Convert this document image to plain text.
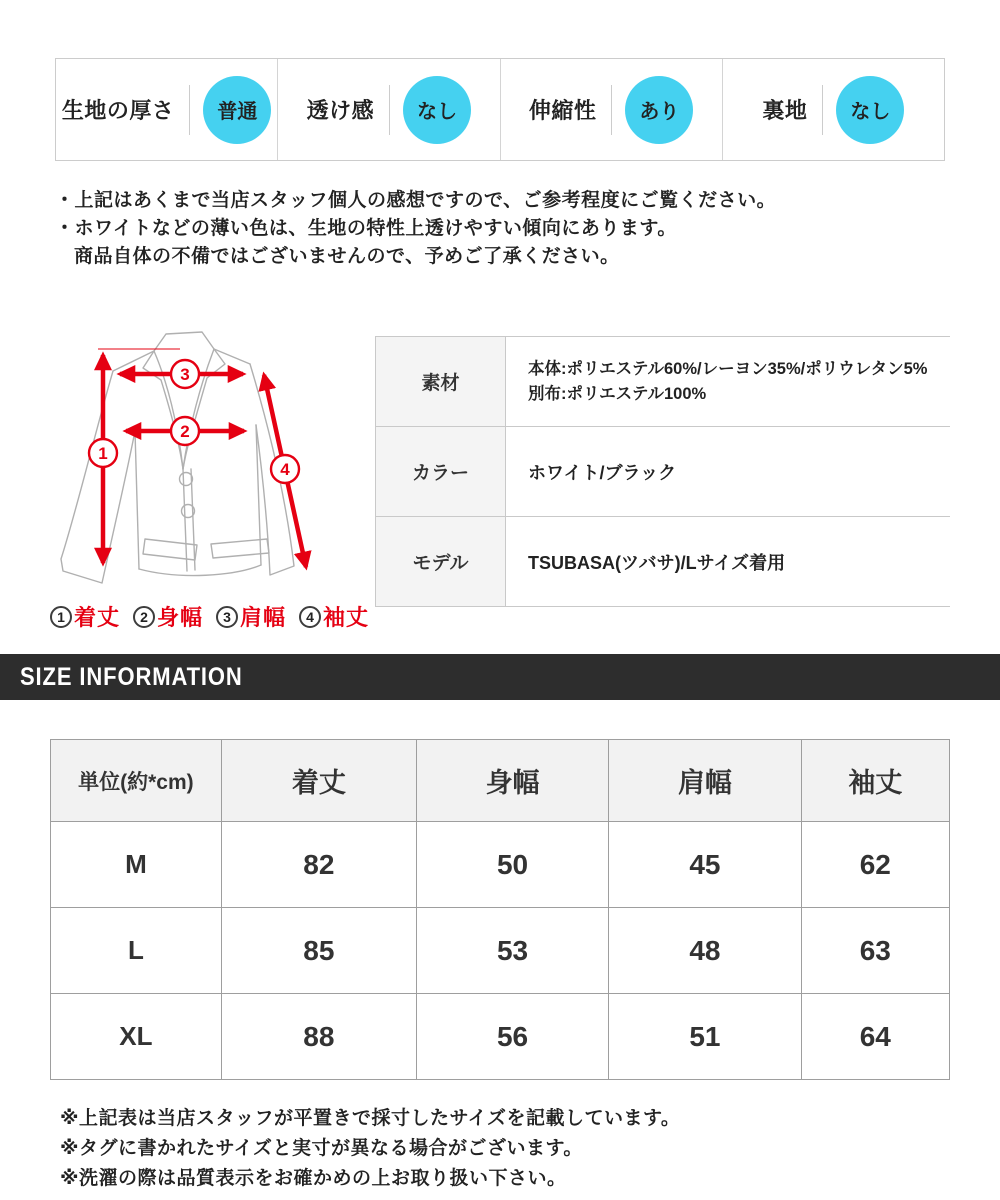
生地の厚さ	普通	透け感	なし	伸縮性	あり	裏地	なし
・上記はあくまで当店スタッフ個人の感想ですので、ご参考程度にご覧ください。
・ホワイトなどの薄い色は、生地の特性上透けやすい傾向にあります。
商品自体の不備ではございませんので、予めご了承ください。
1
3
2
4
1 着丈	2 身幅	3 肩幅	4 袖丈
素材	本体:ポリエステル60%/レーヨン35%/ポリウレタン5%
別布:ポリエステル100%

カラー	ホワイト/ブラック

モデル	TSUBASA(ツバサ)/Lサイズ着用
SIZE INFORMATION
単位(約*cm)	着丈	身幅	肩幅	袖丈
M	82	50	45	62
L	85	53	48	63
XL	88	56	51	64
※上記表は当店スタッフが平置きで採寸したサイズを記載しています。
※タグに書かれたサイズと実寸が異なる場合がございます。
※洗濯の際は品質表示をお確かめの上お取り扱い下さい。
